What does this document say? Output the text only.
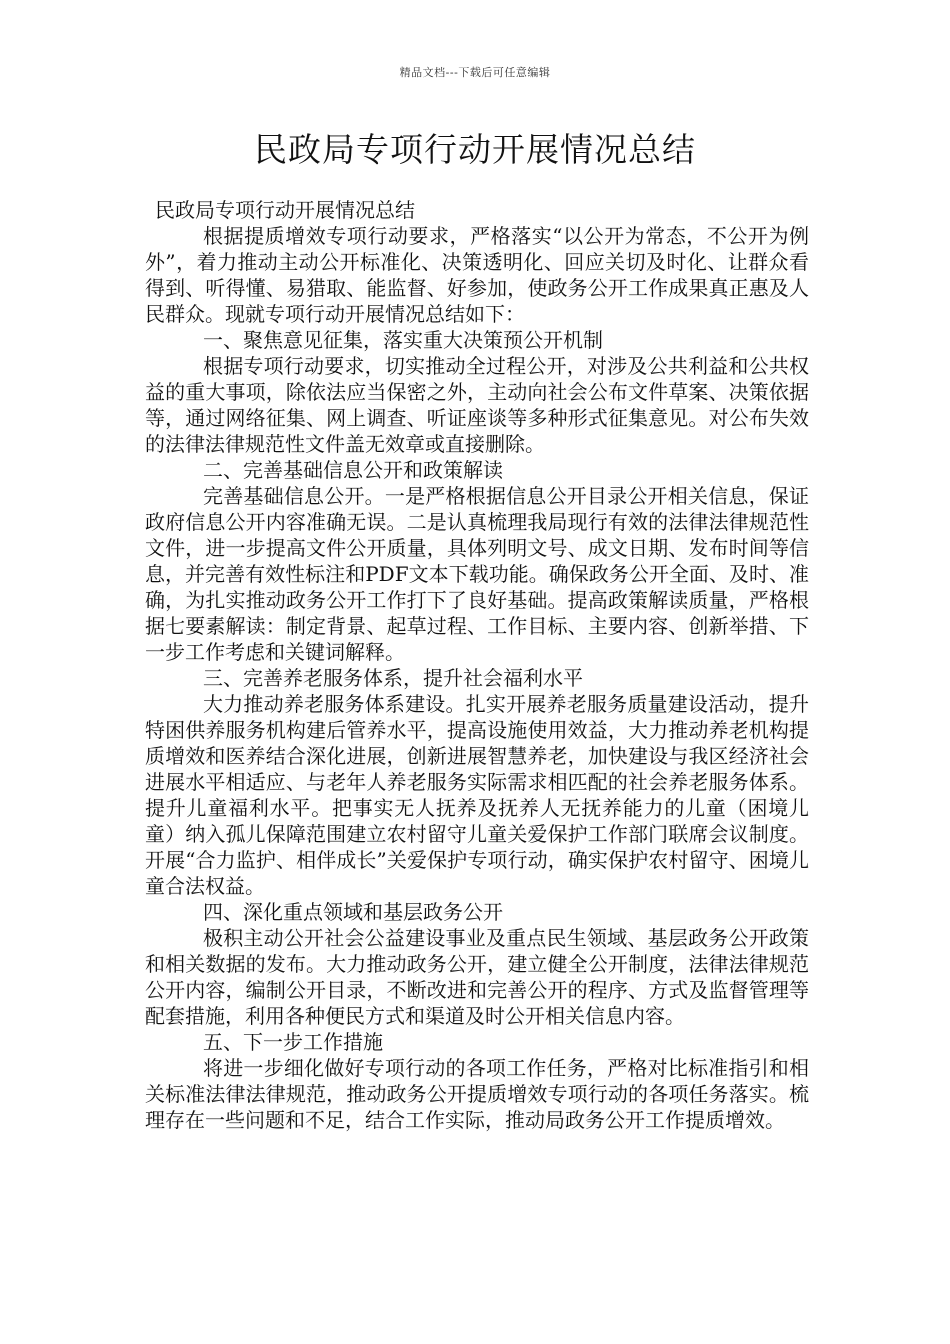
精品文档---下载后可任意编辑
民政局专项行动开展情况总结

民政局专项行动开展情况总结

根据提质增效专项行动要求，严格落实“以公开为常态，不公开为例外”，着力推动主动公开标准化、决策透明化、回应关切及时化、让群众看得到、听得懂、易猎取、能监督、好参加，使政务公开工作成果真正惠及人民群众。现就专项行动开展情况总结如下：

一、聚焦意见征集，落实重大决策预公开机制

根据专项行动要求，切实推动全过程公开，对涉及公共利益和公共权益的重大事项，除依法应当保密之外，主动向社会公布文件草案、决策依据等，通过网络征集、网上调查、听证座谈等多种形式征集意见。对公布失效的法律法律规范性文件盖无效章或直接删除。

二、完善基础信息公开和政策解读

完善基础信息公开。一是严格根据信息公开目录公开相关信息，保证政府信息公开内容准确无误。二是认真梳理我局现行有效的法律法律规范性文件，进一步提高文件公开质量，具体列明文号、成文日期、发布时间等信息，并完善有效性标注和PDF文本下载功能。确保政务公开全面、及时、准确，为扎实推动政务公开工作打下了良好基础。提高政策解读质量，严格根据七要素解读：制定背景、起草过程、工作目标、主要内容、创新举措、下一步工作考虑和关键词解释。

三、完善养老服务体系，提升社会福利水平

大力推动养老服务体系建设。扎实开展养老服务质量建设活动，提升特困供养服务机构建后管养水平，提高设施使用效益，大力推动养老机构提质增效和医养结合深化进展，创新进展智慧养老，加快建设与我区经济社会进展水平相适应、与老年人养老服务实际需求相匹配的社会养老服务体系。提升儿童福利水平。把事实无人抚养及抚养人无抚养能力的儿童（困境儿童）纳入孤儿保障范围建立农村留守儿童关爱保护工作部门联席会议制度。开展“合力监护、相伴成长”关爱保护专项行动，确实保护农村留守、困境儿童合法权益。

四、深化重点领域和基层政务公开

极积主动公开社会公益建设事业及重点民生领域、基层政务公开政策和相关数据的发布。大力推动政务公开，建立健全公开制度，法律法律规范公开内容，编制公开目录，不断改进和完善公开的程序、方式及监督管理等配套措施，利用各种便民方式和渠道及时公开相关信息内容。

五、下一步工作措施

将进一步细化做好专项行动的各项工作任务，严格对比标准指引和相关标准法律法律规范，推动政务公开提质增效专项行动的各项任务落实。梳理存在一些问题和不足，结合工作实际，推动局政务公开工作提质增效。
